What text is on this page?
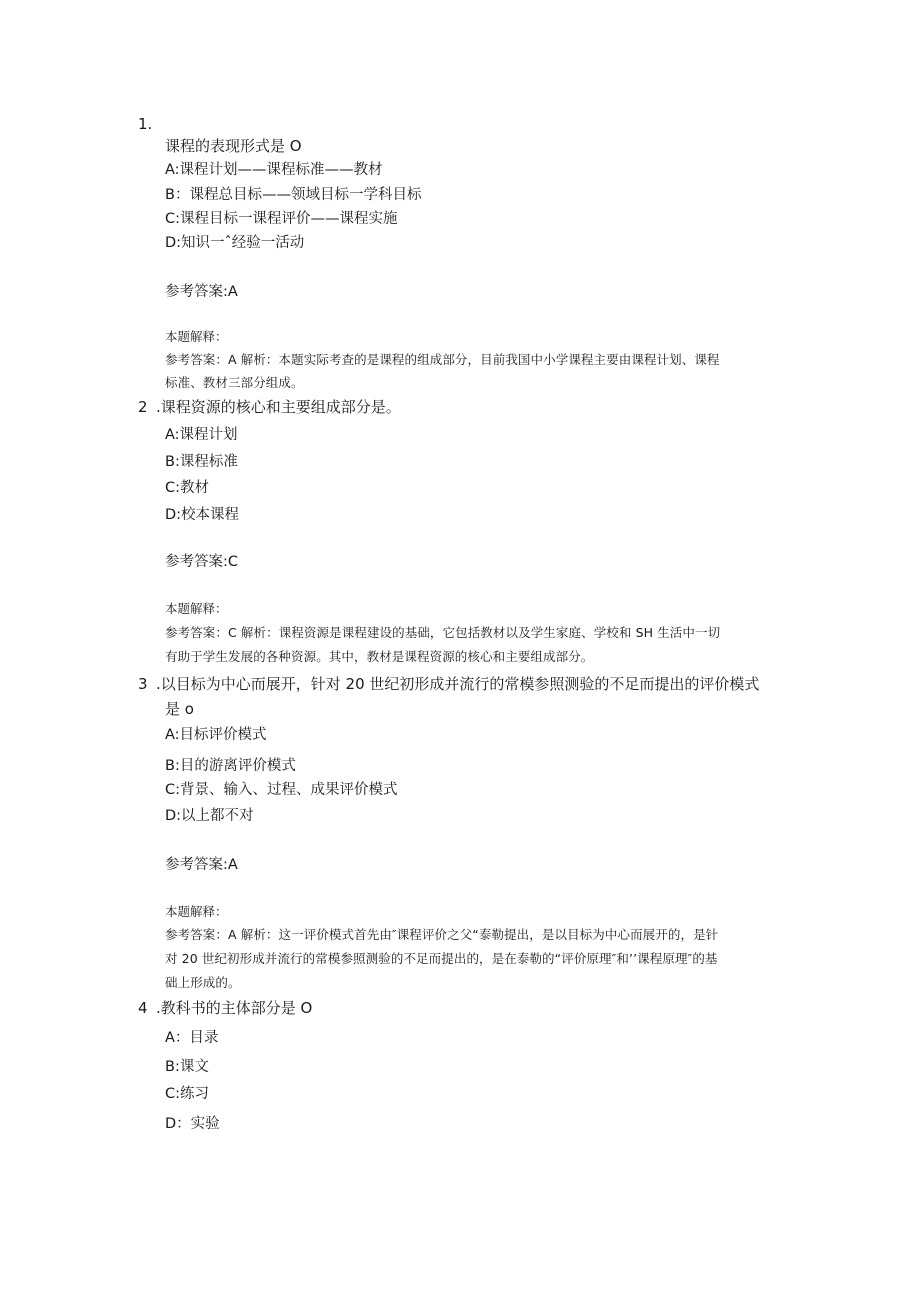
1.
课程的表现形式是 O
A:课程计划——课程标准——教材
B：课程总目标——领域目标一学科目标
C:课程目标一课程评价——课程实施
D:知识一ˆ经验一活动
参考答案:A
本题解释：
参考答案：A 解析：本题实际考查的是课程的组成部分，目前我国中小学课程主要由课程计划、课程
标准、教材三部分组成。
2 .课程资源的核心和主要组成部分是。
A:课程计划
B:课程标准
C:教材
D:校本课程
参考答案:C
本题解释：
参考答案：C 解析：课程资源是课程建设的基础，它包括教材以及学生家庭、学校和 SH 生活中一切
有助于学生发展的各种资源。其中，教材是课程资源的核心和主要组成部分。
3 .以目标为中心而展开，针对 20 世纪初形成并流行的常模参照测验的不足而提出的评价模式
是 o
A:目标评价模式
B:目的游离评价模式
C:背景、输入、过程、成果评价模式
D:以上都不对
参考答案:A
本题解释：
参考答案：A 解析：这一评价模式首先由″课程评价之父“泰勒提出，是以目标为中心而展开的，是针
对 20 世纪初形成并流行的常模参照测验的不足而提出的，是在泰勒的“评价原理″和’’课程原理″的基
础上形成的。
4 .教科书的主体部分是 O
A：目录
B:课文
C:练习
D：实验
